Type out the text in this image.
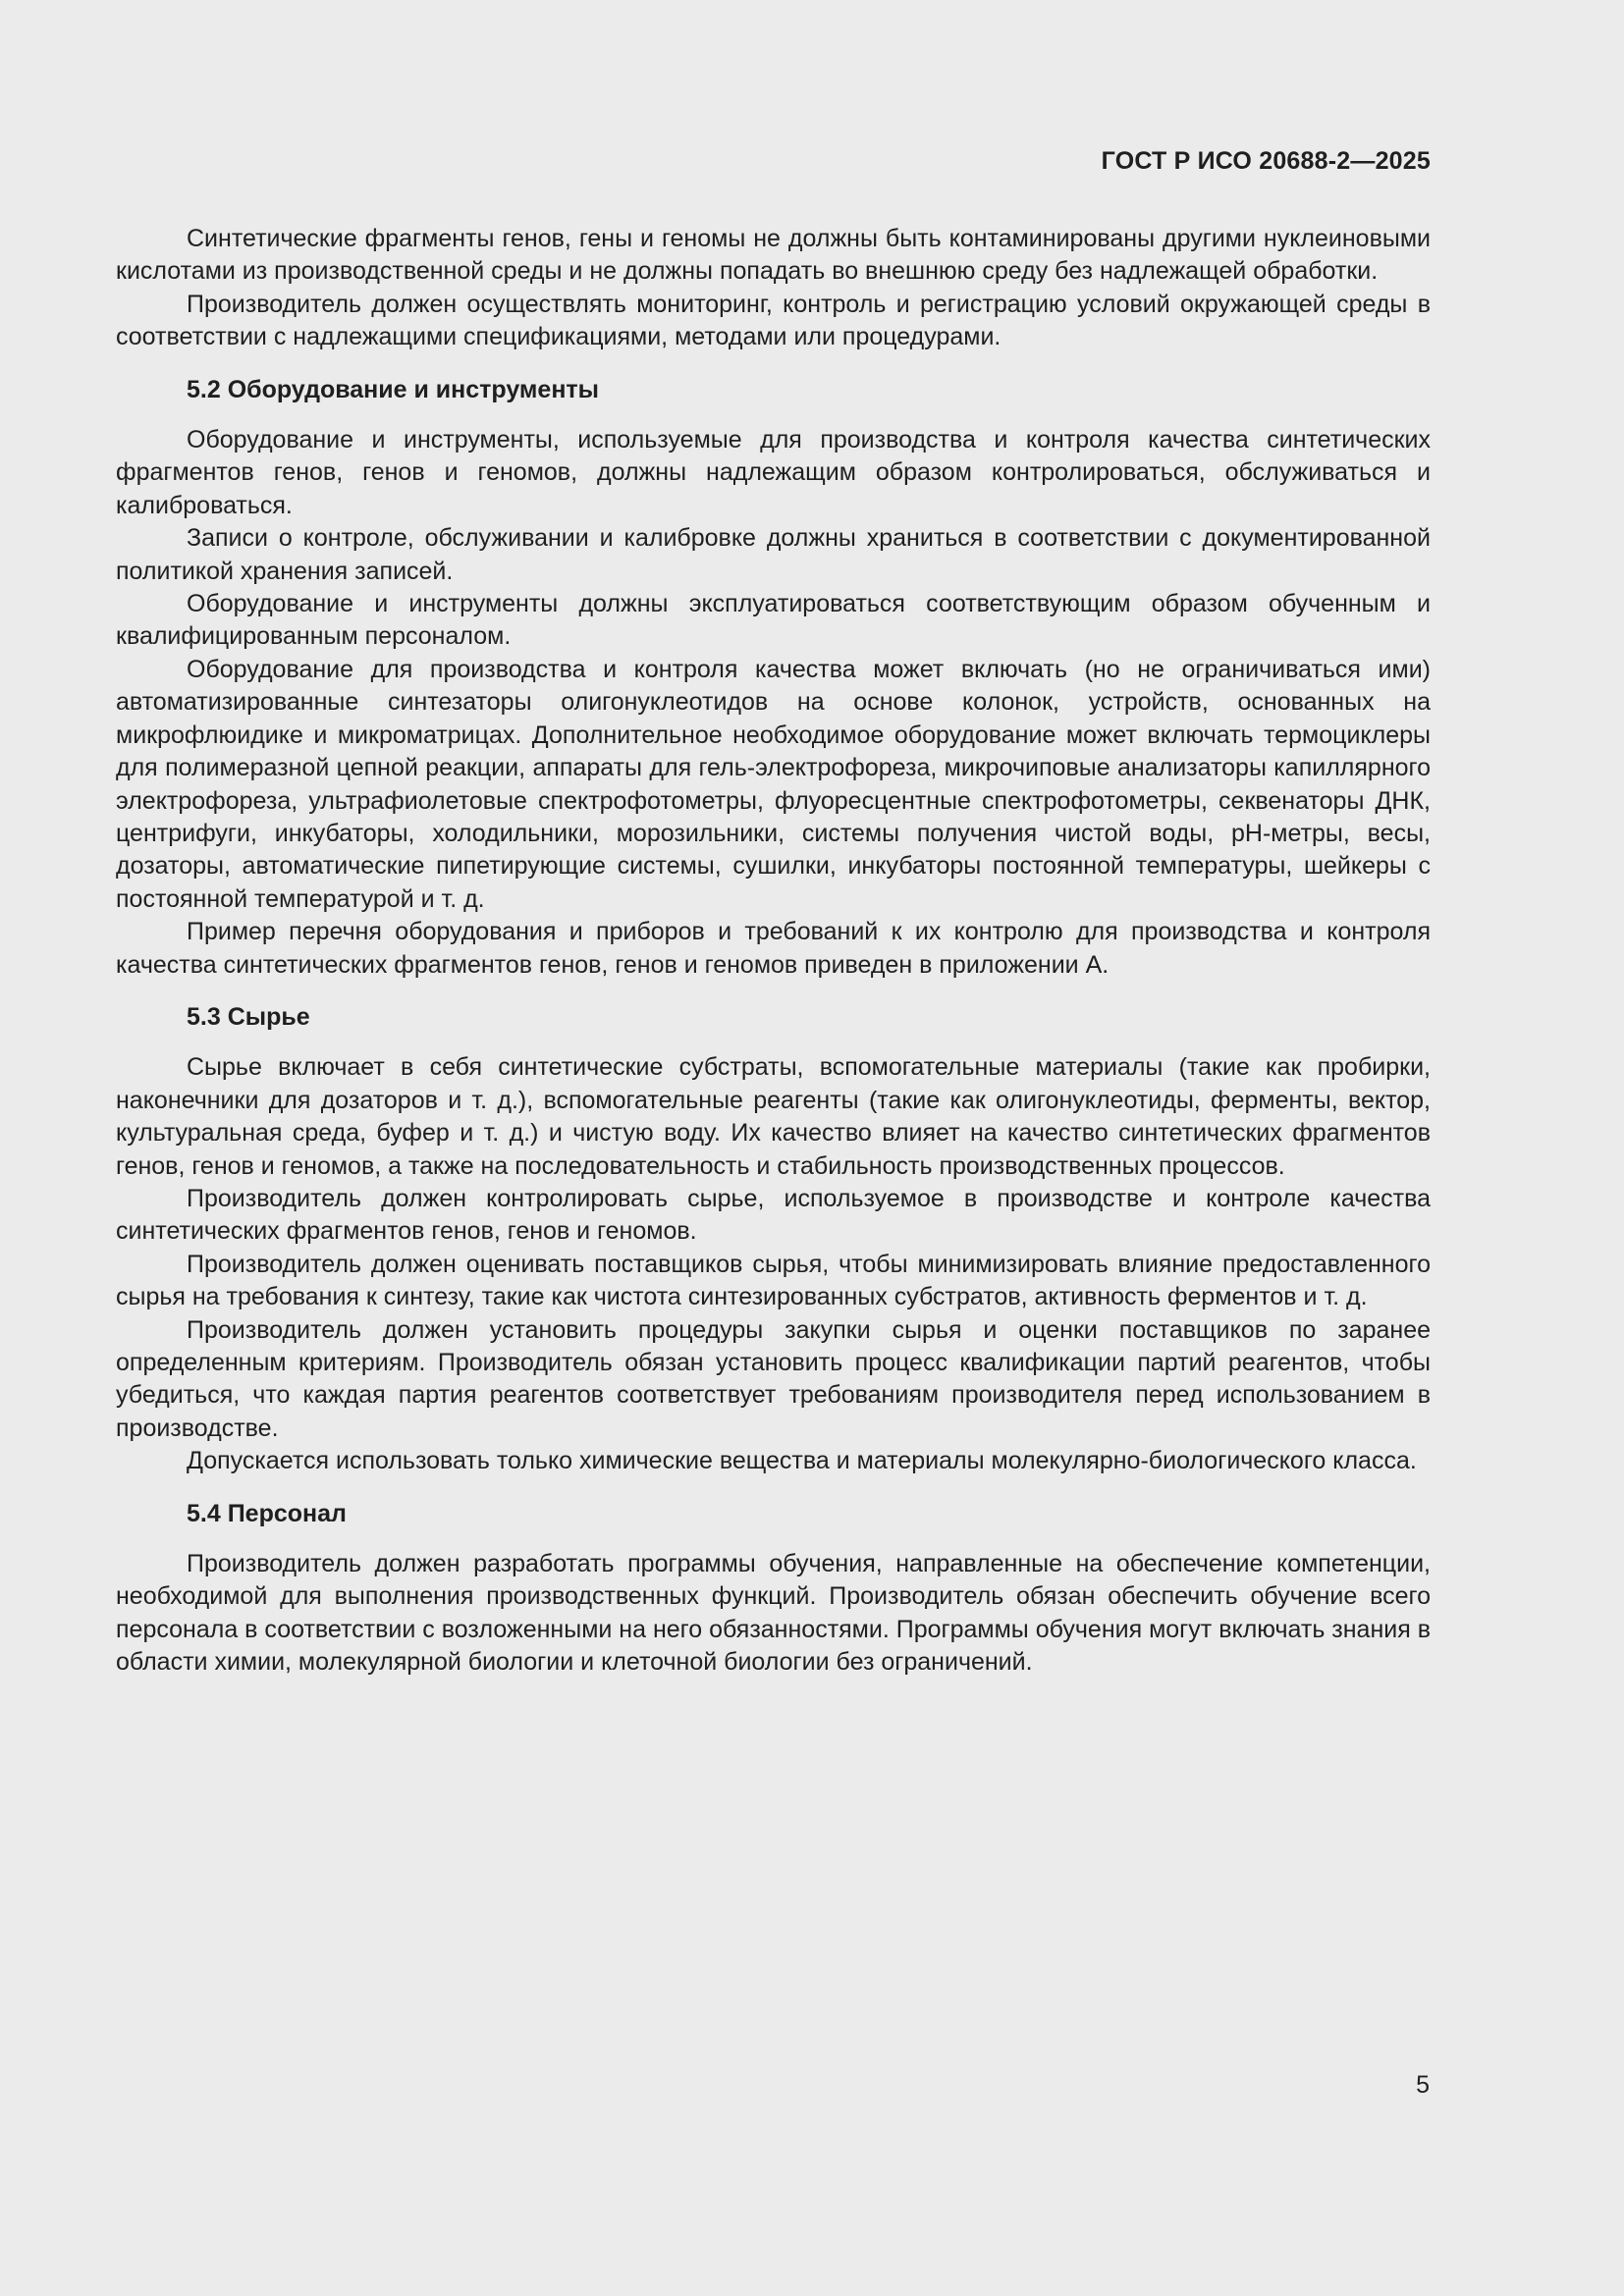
ГОСТ Р ИСО 20688-2—2025

Синтетические фрагменты генов, гены и геномы не должны быть контаминированы другими нуклеиновыми кислотами из производственной среды и не должны попадать во внешнюю среду без надлежащей обработки.

Производитель должен осуществлять мониторинг, контроль и регистрацию условий окружающей среды в соответствии с надлежащими спецификациями, методами или процедурами.

5.2 Оборудование и инструменты

Оборудование и инструменты, используемые для производства и контроля качества синтетических фрагментов генов, генов и геномов, должны надлежащим образом контролироваться, обслуживаться и калиброваться.

Записи о контроле, обслуживании и калибровке должны храниться в соответствии с документированной политикой хранения записей.

Оборудование и инструменты должны эксплуатироваться соответствующим образом обученным и квалифицированным персоналом.

Оборудование для производства и контроля качества может включать (но не ограничиваться ими) автоматизированные синтезаторы олигонуклеотидов на основе колонок, устройств, основанных на микрофлюидике и микроматрицах. Дополнительное необходимое оборудование может включать термоциклеры для полимеразной цепной реакции, аппараты для гель-электрофореза, микрочиповые анализаторы капиллярного электрофореза, ультрафиолетовые спектрофотометры, флуоресцентные спектрофотометры, секвенаторы ДНК, центрифуги, инкубаторы, холодильники, морозильники, системы получения чистой воды, pH-метры, весы, дозаторы, автоматические пипетирующие системы, сушилки, инкубаторы постоянной температуры, шейкеры с постоянной температурой и т. д.

Пример перечня оборудования и приборов и требований к их контролю для производства и контроля качества синтетических фрагментов генов, генов и геномов приведен в приложении А.

5.3 Сырье

Сырье включает в себя синтетические субстраты, вспомогательные материалы (такие как пробирки, наконечники для дозаторов и т. д.), вспомогательные реагенты (такие как олигонуклеотиды, ферменты, вектор, культуральная среда, буфер и т. д.) и чистую воду. Их качество влияет на качество синтетических фрагментов генов, генов и геномов, а также на последовательность и стабильность производственных процессов.

Производитель должен контролировать сырье, используемое в производстве и контроле качества синтетических фрагментов генов, генов и геномов.

Производитель должен оценивать поставщиков сырья, чтобы минимизировать влияние предоставленного сырья на требования к синтезу, такие как чистота синтезированных субстратов, активность ферментов и т. д.

Производитель должен установить процедуры закупки сырья и оценки поставщиков по заранее определенным критериям. Производитель обязан установить процесс квалификации партий реагентов, чтобы убедиться, что каждая партия реагентов соответствует требованиям производителя перед использованием в производстве.

Допускается использовать только химические вещества и материалы молекулярно-биологического класса.

5.4 Персонал

Производитель должен разработать программы обучения, направленные на обеспечение компетенции, необходимой для выполнения производственных функций. Производитель обязан обеспечить обучение всего персонала в соответствии с возложенными на него обязанностями. Программы обучения могут включать знания в области химии, молекулярной биологии и клеточной биологии без ограничений.

5
